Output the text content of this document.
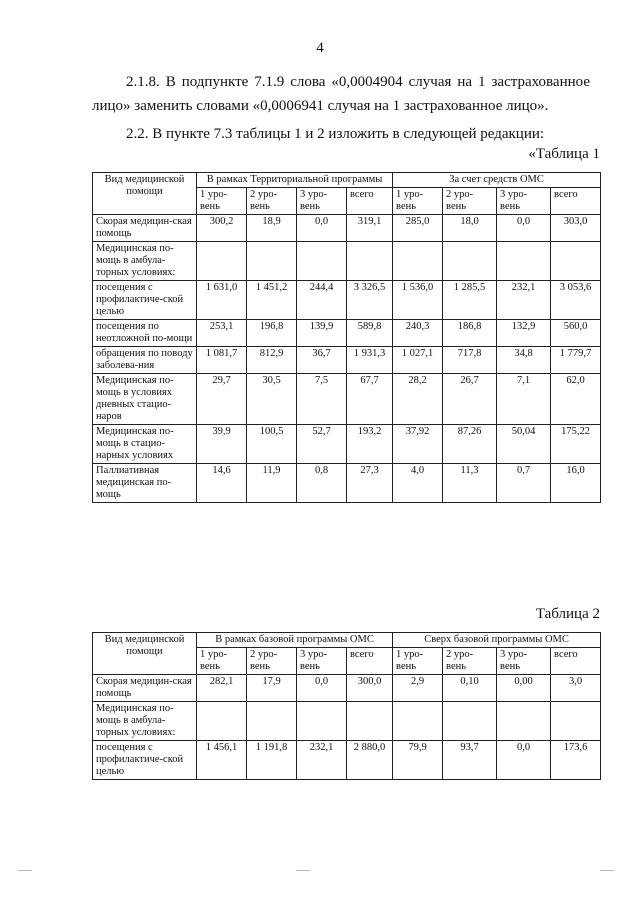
4

2.1.8. В подпункте 7.1.9 слова «0,0004904 случая на 1 застрахованное
лицо» заменить словами «0,0006941 случая на 1 застрахованное лицо».

2.2. В пункте 7.3 таблицы 1 и 2 изложить в следующей редакции:

«Таблица 1
Вид медицинской помощи	В рамках Территориальной программы				За счет средств ОМС			
	1 уро-вень	2 уро-вень	3 уро-вень	всего	1 уро-вень	2 уро-вень	3 уро-вень	всего
Скорая медицин-ская помощь	300,2	18,9	0,0	319,1	285,0	18,0	0,0	303,0
Медицинская по-мощь в амбула-торных условиях:								
посещения с профилактиче-ской целью	1 631,0	1 451,2	244,4	3 326,5	1 536,0	1 285,5	232,1	3 053,6
посещения по неотложной по-мощи	253,1	196,8	139,9	589,8	240,3	186,8	132,9	560,0
обращения по поводу заболева-ния	1 081,7	812,9	36,7	1 931,3	1 027,1	717,8	34,8	1 779,7
Медицинская по-мощь в условиях дневных стацио-наров	29,7	30,5	7,5	67,7	28,2	26,7	7,1	62,0
Медицинская по-мощь в стацио-нарных условиях	39,9	100,5	52,7	193,2	37,92	87,26	50,04	175,22
Паллиативная медицинская по-мощь	14,6	11,9	0,8	27,3	4,0	11,3	0,7	16,0
Таблица 2
Вид медицинской помощи	В рамках базовой программы ОМС				Сверх базовой программы ОМС			
	1 уро-вень	2 уро-вень	3 уро-вень	всего	1 уро-вень	2 уро-вень	3 уро-вень	всего
Скорая медицин-ская помощь	282,1	17,9	0,0	300,0	2,9	0,10	0,00	3,0
Медицинская по-мощь в амбула-торных условиях:								
посещения с профилактиче-ской целью	1 456,1	1 191,8	232,1	2 880,0	79,9	93,7	0,0	173,6
